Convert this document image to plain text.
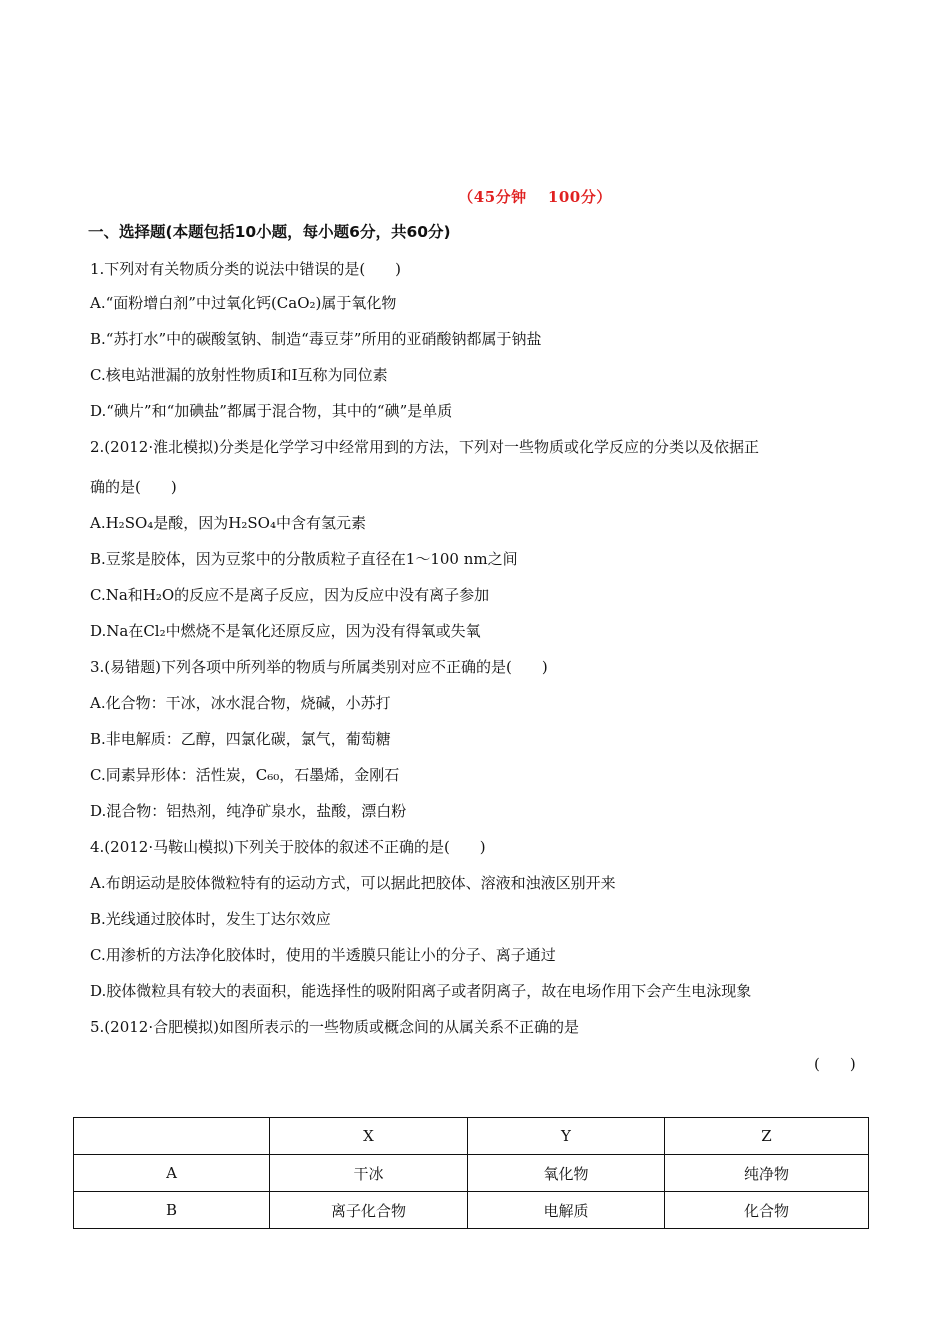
（45分钟　 100分）
一、选择题(本题包括10小题，每小题6分，共60分)
1.下列对有关物质分类的说法中错误的是(　　)
A.“面粉增白剂”中过氧化钙(CaO₂)属于氧化物
B.“苏打水”中的碳酸氢钠、制造“毒豆芽”所用的亚硝酸钠都属于钠盐
C.核电站泄漏的放射性物质Ⅰ和Ⅰ互称为同位素
D.“碘片”和“加碘盐”都属于混合物，其中的“碘”是单质
2.(2012·淮北模拟)分类是化学学习中经常用到的方法，下列对一些物质或化学反应的分类以及依据正
确的是(　　)
A.H₂SO₄是酸，因为H₂SO₄中含有氢元素
B.豆浆是胶体，因为豆浆中的分散质粒子直径在1～100 nm之间
C.Na和H₂O的反应不是离子反应，因为反应中没有离子参加
D.Na在Cl₂中燃烧不是氧化还原反应，因为没有得氧或失氧
3.(易错题)下列各项中所列举的物质与所属类别对应不正确的是(　　)
A.化合物：干冰，冰水混合物，烧碱，小苏打
B.非电解质：乙醇，四氯化碳，氯气，葡萄糖
C.同素异形体：活性炭，C₆₀，石墨烯，金刚石
D.混合物：铝热剂，纯净矿泉水，盐酸，漂白粉
4.(2012·马鞍山模拟)下列关于胶体的叙述不正确的是(　　)
A.布朗运动是胶体微粒特有的运动方式，可以据此把胶体、溶液和浊液区别开来
B.光线通过胶体时，发生丁达尔效应
C.用渗析的方法净化胶体时，使用的半透膜只能让小的分子、离子通过
D.胶体微粒具有较大的表面积，能选择性的吸附阳离子或者阴离子，故在电场作用下会产生电泳现象
5.(2012·合肥模拟)如图所表示的一些物质或概念间的从属关系不正确的是
(　　)
	X	Y	Z
A	干冰	氧化物	纯净物
B	离子化合物	电解质	化合物
